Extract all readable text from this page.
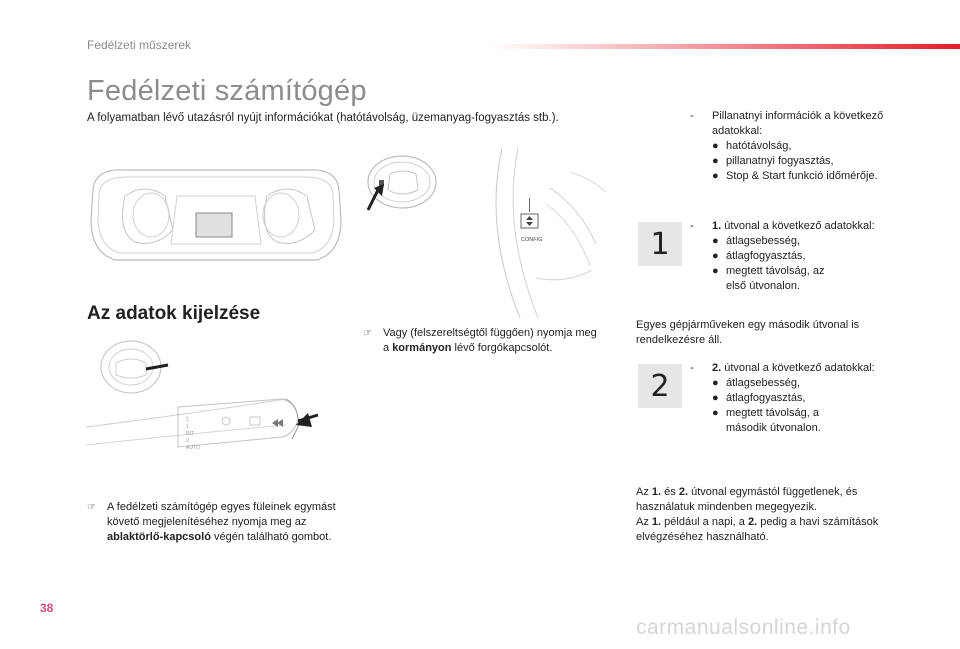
Fedélzeti műszerek
Fedélzeti számítógép
A folyamatban lévő utazásról nyújt információkat (hatótávolság, üzemanyag-fogyasztás stb.).
CONFIG
Az adatok kijelzése
2
1
INT
0
AUTO
☞ A fedélzeti számítógép egyes füleinek egymást követő megjelenítéséhez nyomja meg az ablaktörlő-kapcsoló végén található gombot.
☞ Vagy (felszereltségtől függően) nyomja meg a kormányon lévő forgókapcsolót.
- Pillanatnyi információk a következő adatokkal:
● hatótávolság,
● pillanatnyi fogyasztás,
● Stop & Start funkció időmérője.
1
- 1. útvonal a következő adatokkal:
● átlagsebesség,
● átlagfogyasztás,
● megtett távolság, az első útvonalon.
Egyes gépjárműveken egy második útvonal is rendelkezésre áll.
2
- 2. útvonal a következő adatokkal:
● átlagsebesség,
● átlagfogyasztás,
● megtett távolság, a második útvonalon.
Az 1. és 2. útvonal egymástól függetlenek, és használatuk mindenben megegyezik.
Az 1. például a napi, a 2. pedig a havi számítások elvégzéséhez használható.
38
carmanualsonline.info
